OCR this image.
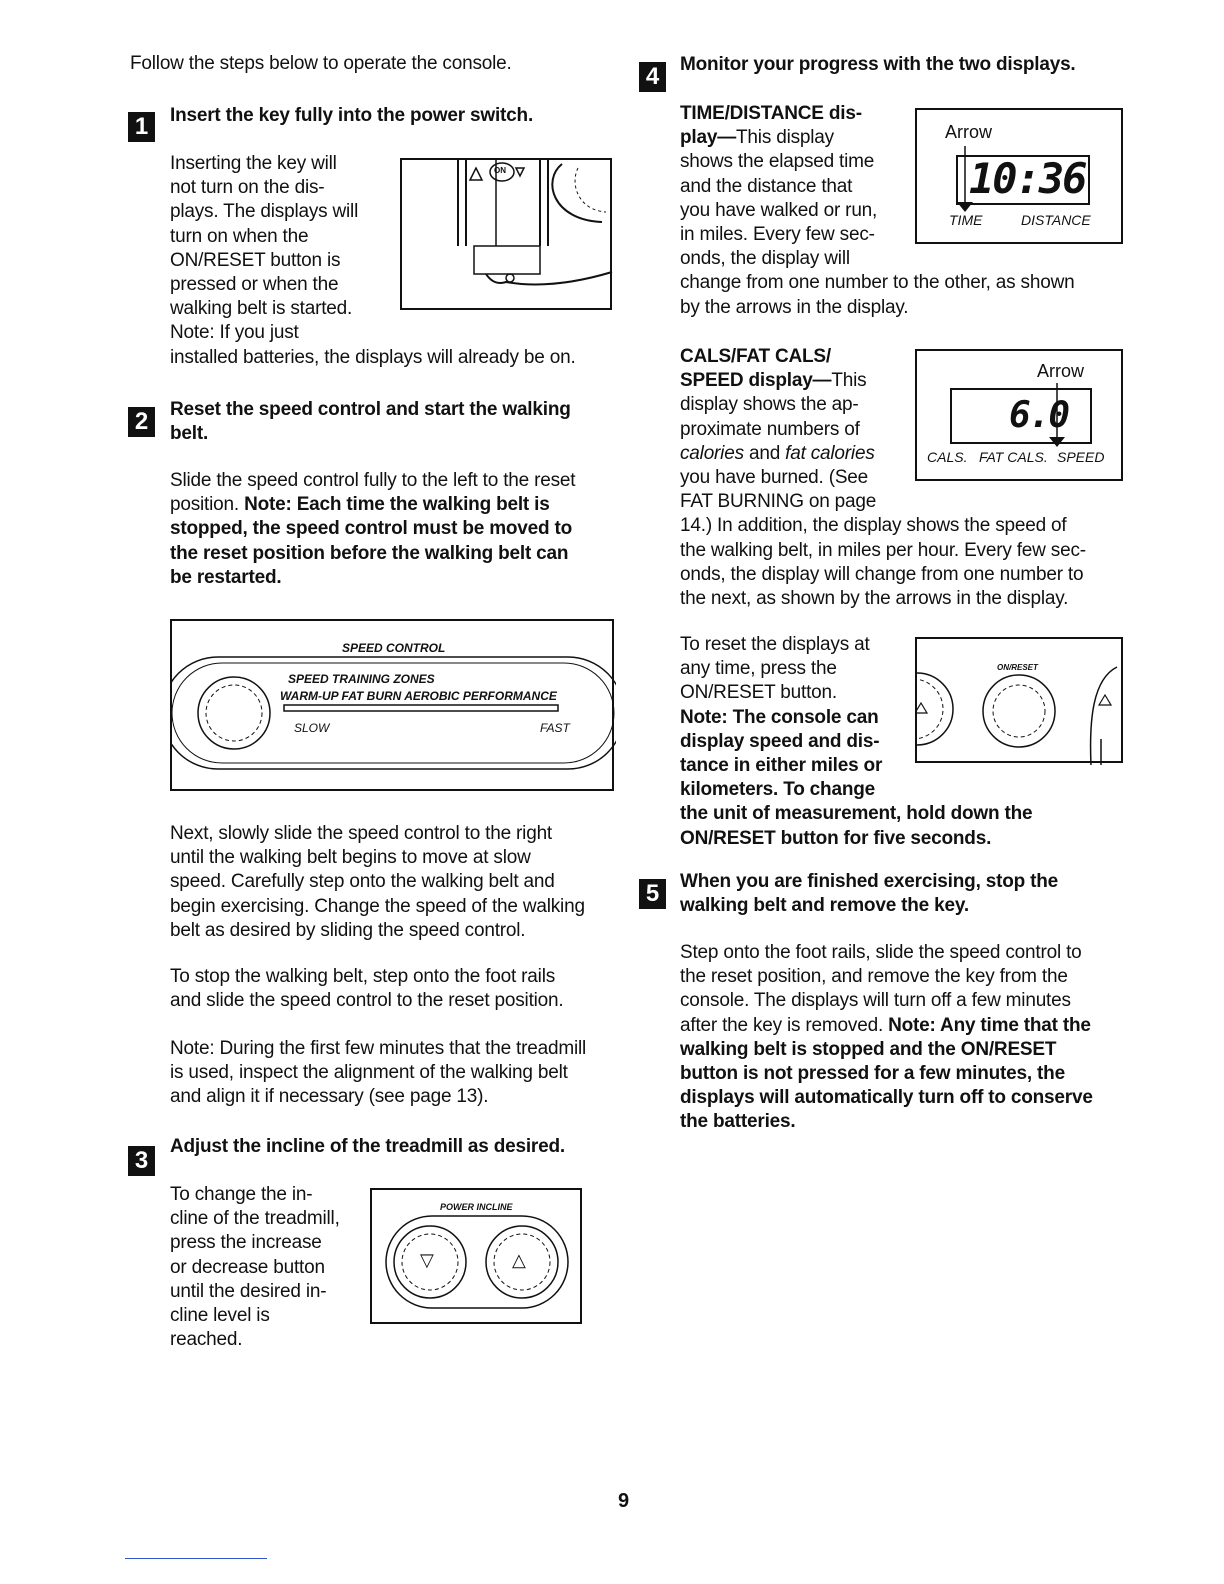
Follow the steps below to operate the console.
1	Insert the key fully into the power switch.
Inserting the key will
not turn on the dis-
plays. The displays will
turn on when the
ON/RESET button is
pressed or when the
walking belt is started.
Note: If you just
installed batteries, the displays will already be on.
ON
2	Reset the speed control and start the walking
belt.
Slide the speed control fully to the left to the reset
position. Note: Each time the walking belt is
stopped, the speed control must be moved to
the reset position before the walking belt can
be restarted.
SPEED CONTROL
SPEED TRAINING ZONES
WARM-UP FAT BURN AEROBIC PERFORMANCE
SLOW	FAST
Next, slowly slide the speed control to the right
until the walking belt begins to move at slow
speed. Carefully step onto the walking belt and
begin exercising. Change the speed of the walking
belt as desired by sliding the speed control.
To stop the walking belt, step onto the foot rails
and slide the speed control to the reset position.
Note: During the first few minutes that the treadmill
is used, inspect the alignment of the walking belt
and align it if necessary (see page 13).
3
Adjust the incline of the treadmill as desired.
To change the in-
cline of the treadmill,
press the increase
or decrease button
until the desired in-
cline level is
reached.
POWER INCLINE
▽	△
4	Monitor your progress with the two displays.
TIME/DISTANCE dis-
play—This display
shows the elapsed time
and the distance that
you have walked or run,
in miles. Every few sec-
onds, the display will
change from one number to the other, as shown
by the arrows in the display.
Arrow
10:36
TIME	DISTANCE
CALS/FAT CALS/
SPEED display—This
display shows the ap-
proximate numbers of
calories and fat calories
you have burned. (See
FAT BURNING on page
14.) In addition, the display shows the speed of
the walking belt, in miles per hour. Every few sec-
onds, the display will change from one number to
the next, as shown by the arrows in the display.
Arrow
6.0
CALS. FAT CALS. SPEED
To reset the displays at
any time, press the
ON/RESET button.
Note: The console can
display speed and dis-
tance in either miles or
kilometers. To change
the unit of measurement, hold down the
ON/RESET button for five seconds.
ON/RESET
5	When you are finished exercising, stop the
walking belt and remove the key.
Step onto the foot rails, slide the speed control to
the reset position, and remove the key from the
console. The displays will turn off a few minutes
after the key is removed. Note: Any time that the
walking belt is stopped and the ON/RESET
button is not pressed for a few minutes, the
displays will automatically turn off to conserve
the batteries.
9
